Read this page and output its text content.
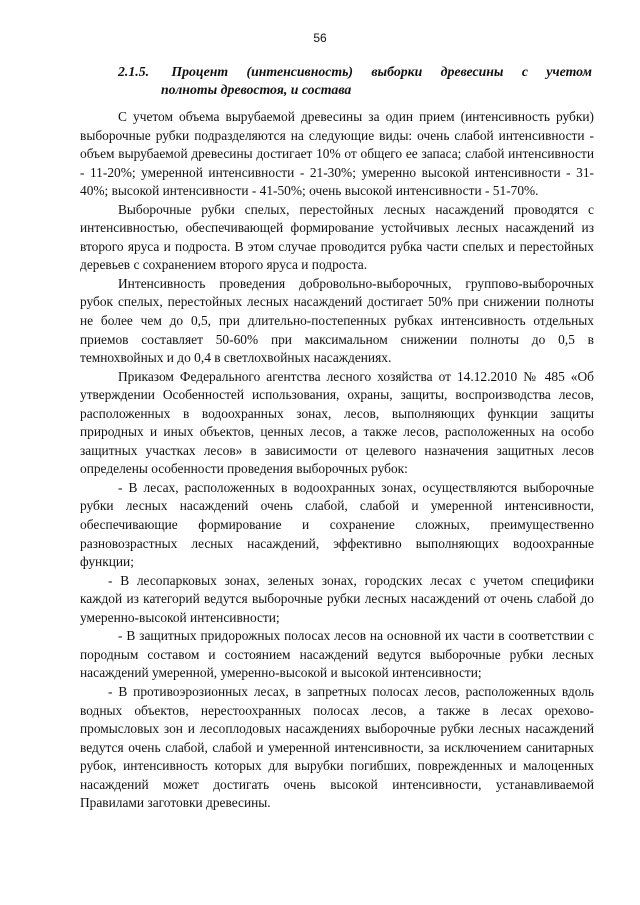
56
2.1.5. Процент (интенсивность) выборки древесины с учетом
полноты древостоя, и состава

С учетом объема вырубаемой древесины за один прием (интенсивность рубки) выборочные рубки подразделяются на следующие виды: очень слабой интенсивности - объем вырубаемой древесины достигает 10% от общего ее запаса; слабой интенсивности - 11-20%; умеренной интенсивности - 21-30%; умеренно высокой интенсивности - 31-40%; высокой интенсивности - 41-50%; очень высокой интенсивности - 51-70%.

Выборочные рубки спелых, перестойных лесных насаждений проводятся с интенсивностью, обеспечивающей формирование устойчивых лесных насаждений из второго яруса и подроста. В этом случае проводится рубка части спелых и перестойных деревьев с сохранением второго яруса и подроста.

Интенсивность проведения добровольно-выборочных, группово-выборочных рубок спелых, перестойных лесных насаждений достигает 50% при снижении полноты не более чем до 0,5, при длительно-постепенных рубках интенсивность отдельных приемов составляет 50-60% при максимальном снижении полноты до 0,5 в темнохвойных и до 0,4 в светлохвойных насаждениях.

Приказом Федерального агентства лесного хозяйства от 14.12.2010 № 485 «Об утверждении Особенностей использования, охраны, защиты, воспроизводства лесов, расположенных в водоохранных зонах, лесов, выполняющих функции защиты природных и иных объектов, ценных лесов, а также лесов, расположенных на особо защитных участках лесов» в зависимости от целевого назначения защитных лесов определены особенности проведения выборочных рубок:

- В лесах, расположенных в водоохранных зонах, осуществляются выборочные рубки лесных насаждений очень слабой, слабой и умеренной интенсивности, обеспечивающие формирование и сохранение сложных, преимущественно разновозрастных лесных насаждений, эффективно выполняющих водоохранные функции;

- В лесопарковых зонах, зеленых зонах, городских лесах с учетом специфики каждой из категорий ведутся выборочные рубки лесных насаждений от очень слабой до умеренно-высокой интенсивности;

- В защитных придорожных полосах лесов на основной их части в соответствии с породным составом и состоянием насаждений ведутся выборочные рубки лесных насаждений умеренной, умеренно-высокой и высокой интенсивности;

- В противоэрозионных лесах, в запретных полосах лесов, расположенных вдоль водных объектов, нерестоохранных полосах лесов, а также в лесах орехово-промысловых зон и лесоплодовых насаждениях выборочные рубки лесных насаждений ведутся очень слабой, слабой и умеренной интенсивности, за исключением санитарных рубок, интенсивность которых для вырубки погибших, поврежденных и малоценных насаждений может достигать очень высокой интенсивности, устанавливаемой Правилами заготовки древесины.
